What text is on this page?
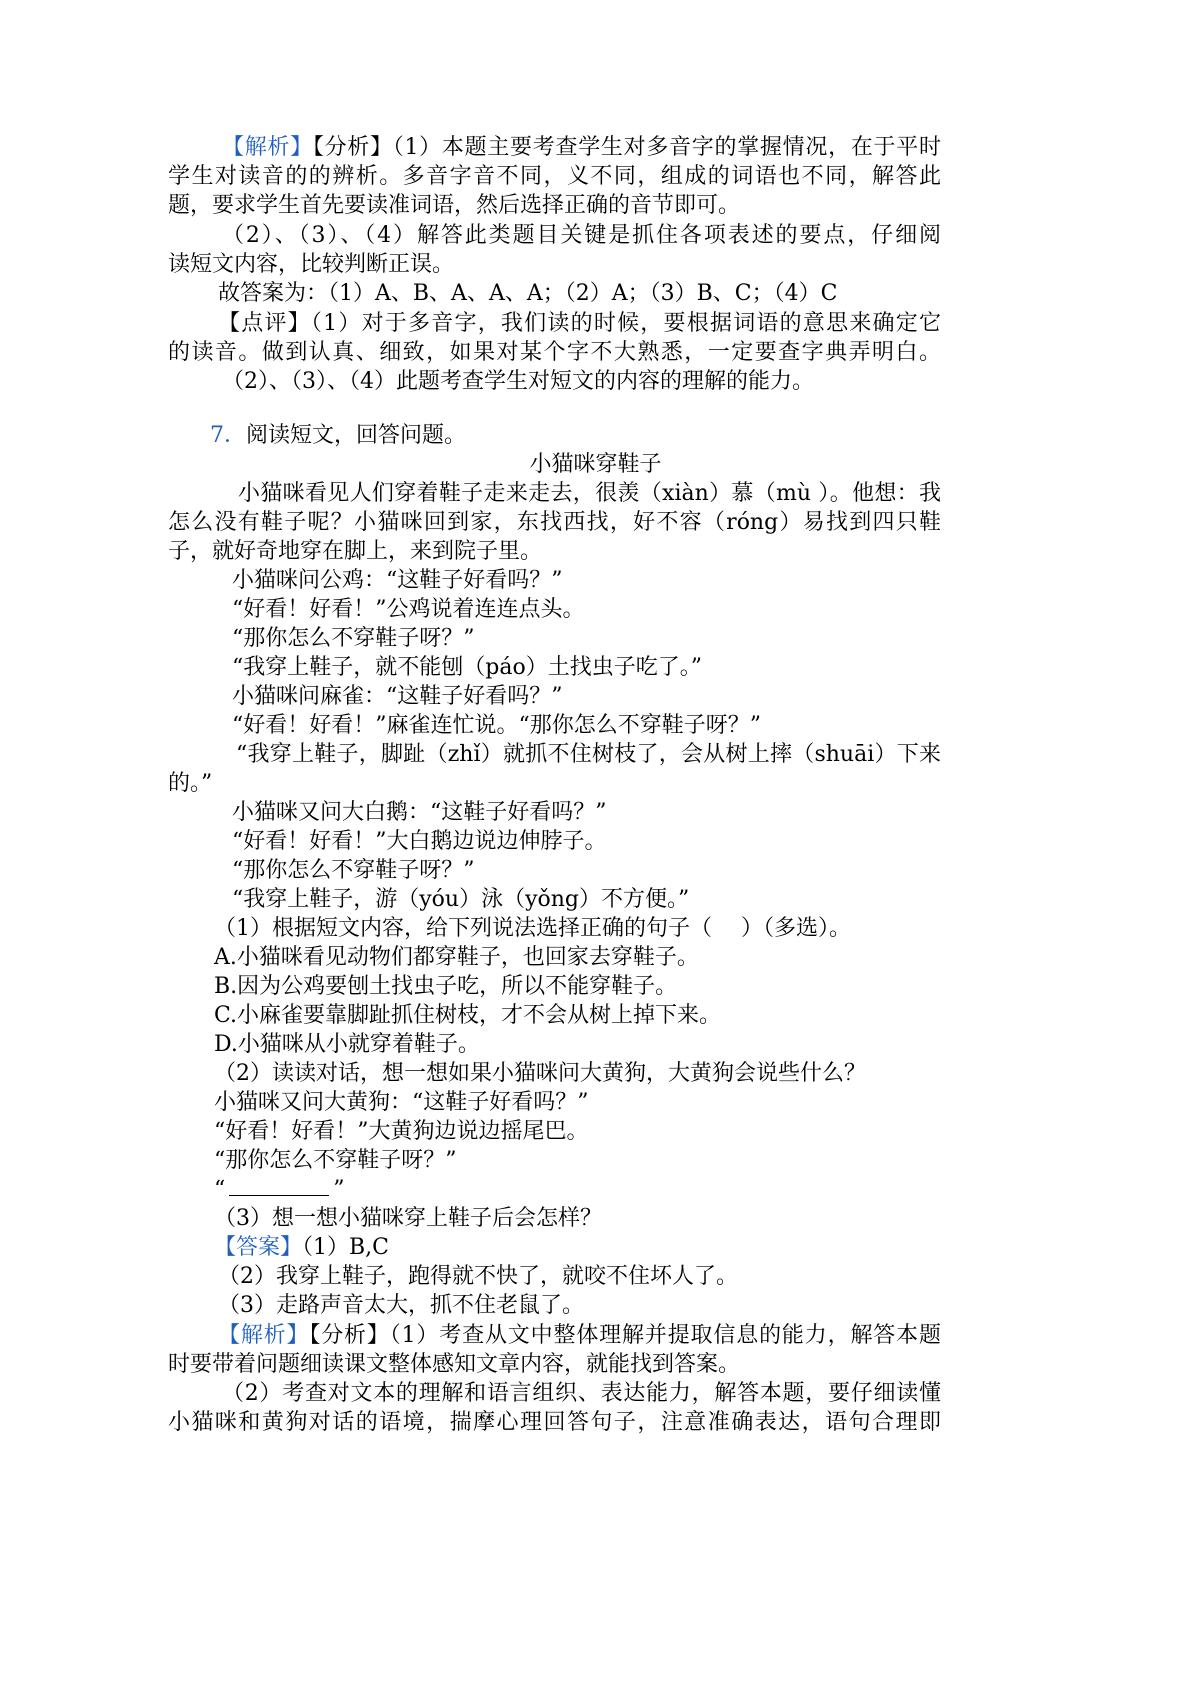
【解析】【分析】（1）本题主要考查学生对多音字的掌握情况，在于平时
学生对读音的的辨析。多音字音不同，义不同，组成的词语也不同，解答此
题，要求学生首先要读准词语，然后选择正确的音节即可。
（2）、（3）、（4）解答此类题目关键是抓住各项表述的要点，仔细阅
读短文内容，比较判断正误。
故答案为：（1）A、B、A、A、A；（2）A；（3）B、C；（4）C
【点评】（1）对于多音字，我们读的时候，要根据词语的意思来确定它
的读音。做到认真、细致，如果对某个字不大熟悉，一定要查字典弄明白。
（2）、（3）、（4）此题考查学生对短文的内容的理解的能力。
7．阅读短文，回答问题。
小猫咪穿鞋子
小猫咪看见人们穿着鞋子走来走去，很羡（xiàn）慕（mù ）。他想：我
怎么没有鞋子呢？小猫咪回到家，东找西找，好不容（róng）易找到四只鞋
子，就好奇地穿在脚上，来到院子里。
小猫咪问公鸡：“这鞋子好看吗？”
“好看！好看！”公鸡说着连连点头。
“那你怎么不穿鞋子呀？”
“我穿上鞋子，就不能刨（páo）土找虫子吃了。”
小猫咪问麻雀：“这鞋子好看吗？”
“好看！好看！”麻雀连忙说。“那你怎么不穿鞋子呀？”
“我穿上鞋子，脚趾（zhǐ）就抓不住树枝了，会从树上摔（shuāi）下来
的。”
小猫咪又问大白鹅：“这鞋子好看吗？”
“好看！好看！”大白鹅边说边伸脖子。
“那你怎么不穿鞋子呀？”
“我穿上鞋子，游（yóu）泳（yǒng）不方便。”
（1）根据短文内容，给下列说法选择正确的句子（　 ）（多选）。
A.小猫咪看见动物们都穿鞋子，也回家去穿鞋子。
B.因为公鸡要刨土找虫子吃，所以不能穿鞋子。
C.小麻雀要靠脚趾抓住树枝，才不会从树上掉下来。
D.小猫咪从小就穿着鞋子。
（2）读读对话，想一想如果小猫咪问大黄狗，大黄狗会说些什么？
小猫咪又问大黄狗：“这鞋子好看吗？”
“好看！好看！”大黄狗边说边摇尾巴。
“那你怎么不穿鞋子呀？”
“	”
（3）想一想小猫咪穿上鞋子后会怎样？
【答案】（1）B,C
（2）我穿上鞋子，跑得就不快了，就咬不住坏人了。
（3）走路声音太大，抓不住老鼠了。
【解析】【分析】（1）考查从文中整体理解并提取信息的能力，解答本题
时要带着问题细读课文整体感知文章内容，就能找到答案。
（2）考查对文本的理解和语言组织、表达能力，解答本题，要仔细读懂
小猫咪和黄狗对话的语境，揣摩心理回答句子，注意准确表达，语句合理即
